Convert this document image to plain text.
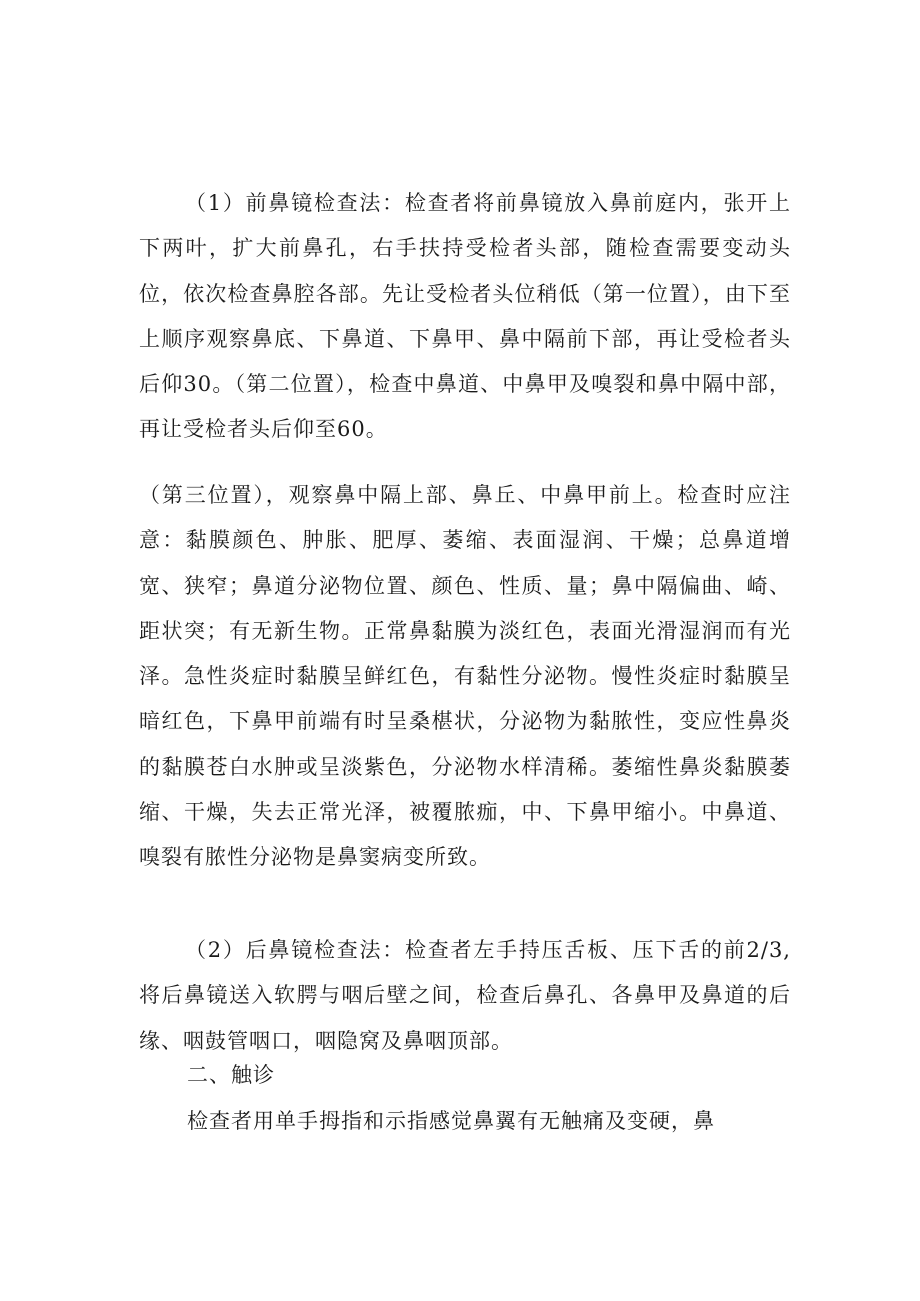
（1）前鼻镜检查法：检查者将前鼻镜放入鼻前庭内，张开上下两叶，扩大前鼻孔，右手扶持受检者头部，随检查需要变动头位，依次检查鼻腔各部。先让受检者头位稍低（第一位置），由下至上顺序观察鼻底、下鼻道、下鼻甲、鼻中隔前下部，再让受检者头后仰30。（第二位置），检查中鼻道、中鼻甲及嗅裂和鼻中隔中部，再让受检者头后仰至60。

（第三位置），观察鼻中隔上部、鼻丘、中鼻甲前上。检查时应注意：黏膜颜色、肿胀、肥厚、萎缩、表面湿润、干燥；总鼻道增宽、狭窄；鼻道分泌物位置、颜色、性质、量；鼻中隔偏曲、崎、距状突；有无新生物。正常鼻黏膜为淡红色，表面光滑湿润而有光泽。急性炎症时黏膜呈鲜红色，有黏性分泌物。慢性炎症时黏膜呈暗红色，下鼻甲前端有时呈桑椹状，分泌物为黏脓性，变应性鼻炎的黏膜苍白水肿或呈淡紫色，分泌物水样清稀。萎缩性鼻炎黏膜萎缩、干燥，失去正常光泽，被覆脓痂，中、下鼻甲缩小。中鼻道、嗅裂有脓性分泌物是鼻窦病变所致。

（2）后鼻镜检查法：检查者左手持压舌板、压下舌的前2/3,将后鼻镜送入软腭与咽后壁之间，检查后鼻孔、各鼻甲及鼻道的后缘、咽鼓管咽口，咽隐窝及鼻咽顶部。

二、触诊

检查者用单手拇指和示指感觉鼻翼有无触痛及变硬，鼻
